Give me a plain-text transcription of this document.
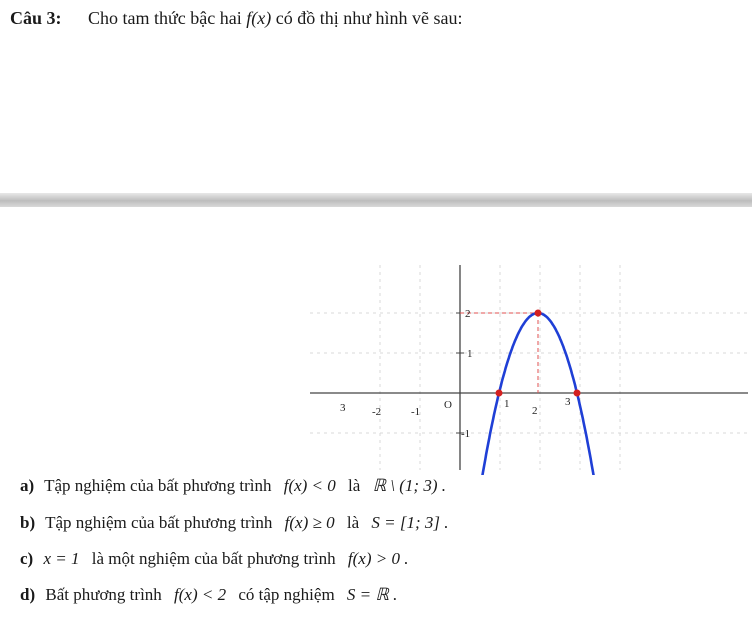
Câu 3: Cho tam thức bậc hai f(x) có đồ thị như hình vẽ sau:
3 -2	-1
O	1
2
3
2
1
-1
a) Tập nghiệm của bất phương trình f(x) < 0 là ℝ \ (1; 3) .
b) Tập nghiệm của bất phương trình f(x) ≥ 0 là S = [1; 3] .
c) x = 1 là một nghiệm của bất phương trình f(x) > 0 .
d) Bất phương trình f(x) < 2 có tập nghiệm S = ℝ .
